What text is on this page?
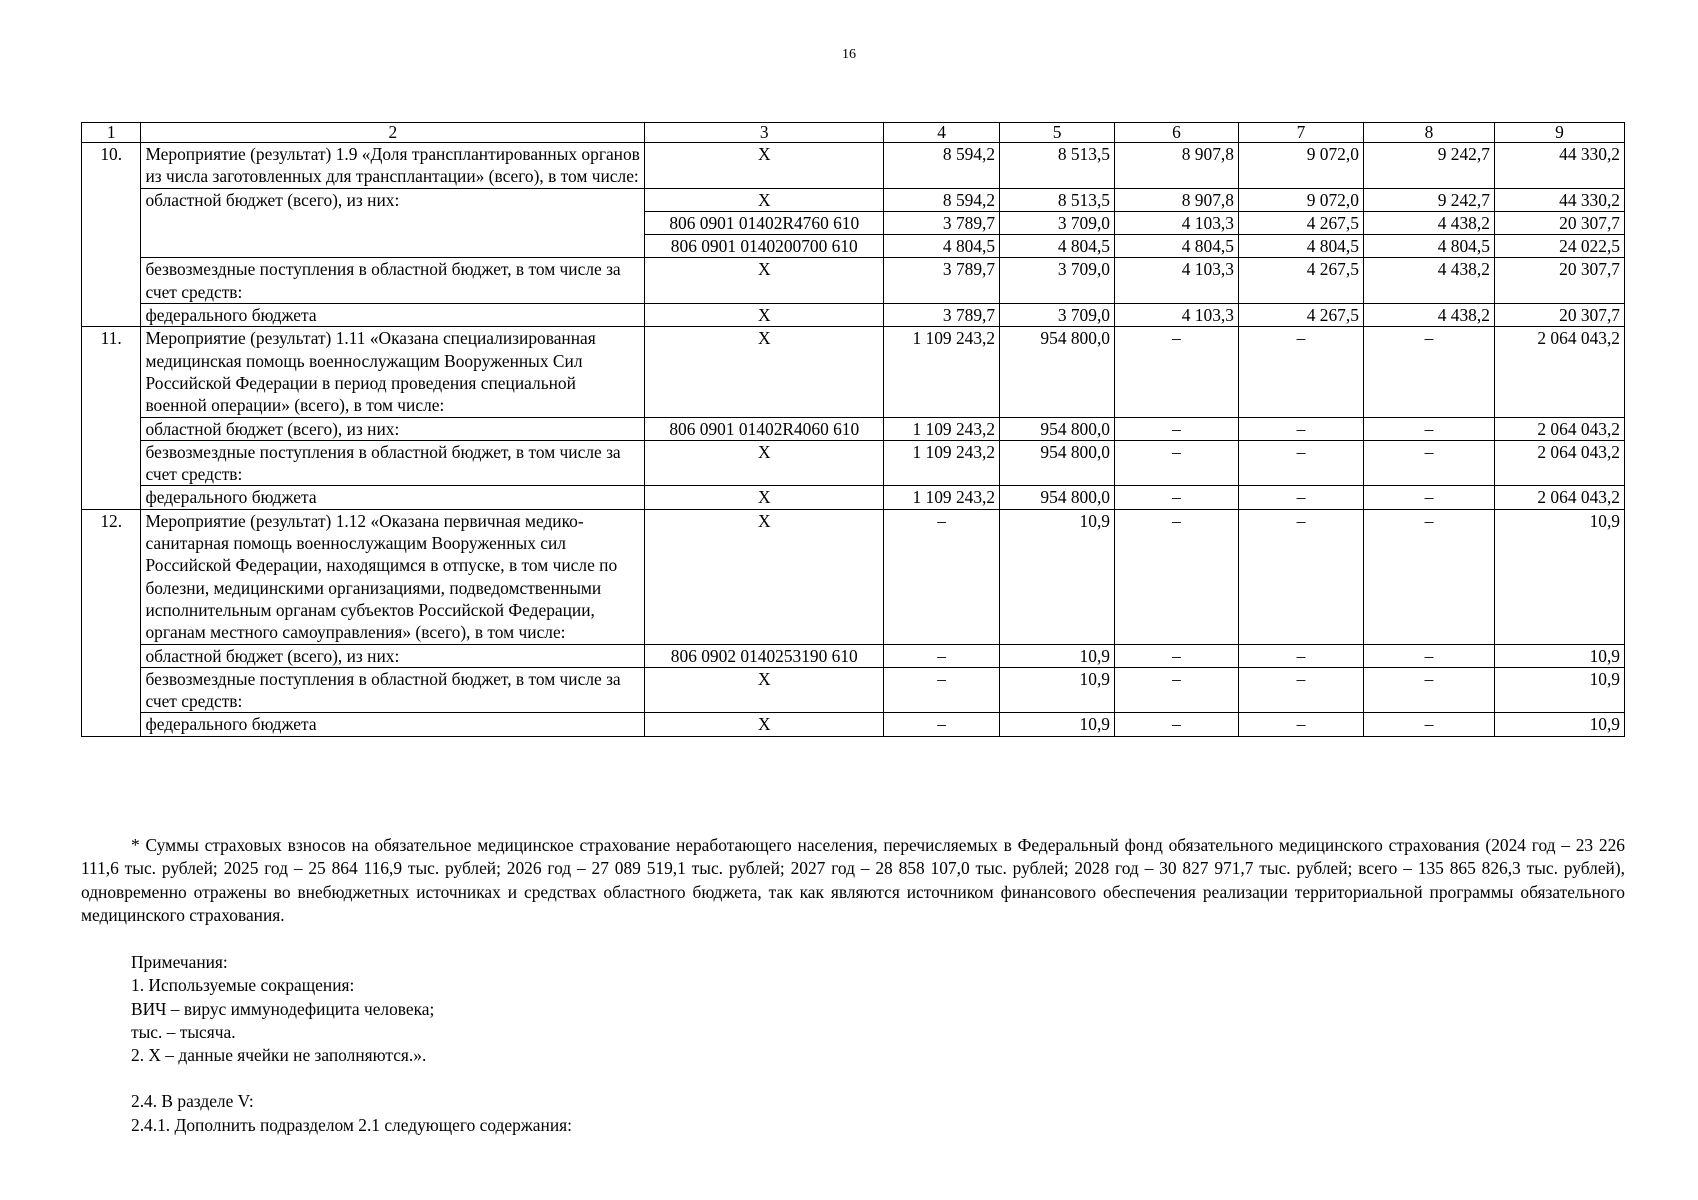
16
1	2	3	4	5	6	7	8	9
10.	Мероприятие (результат) 1.9 «Доля трансплантированных органов из числа заготовленных для трансплантации» (всего), в том числе:	Х	8 594,2	8 513,5	8 907,8	9 072,0	9 242,7	44 330,2
	областной бюджет (всего), из них:	Х	8 594,2	8 513,5	8 907,8	9 072,0	9 242,7	44 330,2
		806 0901 01402R4760 610	3 789,7	3 709,0	4 103,3	4 267,5	4 438,2	20 307,7
		806 0901 0140200700 610	4 804,5	4 804,5	4 804,5	4 804,5	4 804,5	24 022,5
	безвозмездные поступления в областной бюджет, в том числе за счет средств:	Х	3 789,7	3 709,0	4 103,3	4 267,5	4 438,2	20 307,7
	федерального бюджета	Х	3 789,7	3 709,0	4 103,3	4 267,5	4 438,2	20 307,7
11.	Мероприятие (результат) 1.11 «Оказана специализированная медицинская помощь военнослужащим Вооруженных Сил Российской Федерации в период проведения специальной военной операции» (всего), в том числе:	Х	1 109 243,2	954 800,0	–	–	–	2 064 043,2
	областной бюджет (всего), из них:	806 0901 01402R4060 610	1 109 243,2	954 800,0	–	–	–	2 064 043,2
	безвозмездные поступления в областной бюджет, в том числе за счет средств:	Х	1 109 243,2	954 800,0	–	–	–	2 064 043,2
	федерального бюджета	Х	1 109 243,2	954 800,0	–	–	–	2 064 043,2
12.	Мероприятие (результат) 1.12 «Оказана первичная медико-санитарная помощь военнослужащим Вооруженных сил Российской Федерации, находящимся в отпуске, в том числе по болезни, медицинскими организациями, подведомственными исполнительным органам субъектов Российской Федерации, органам местного самоуправления» (всего), в том числе:	Х	–	10,9	–	–	–	10,9
	областной бюджет (всего), из них:	806 0902 0140253190 610	–	10,9	–	–	–	10,9
	безвозмездные поступления в областной бюджет, в том числе за счет средств:	Х	–	10,9	–	–	–	10,9
	федерального бюджета	Х	–	10,9	–	–	–	10,9

* Суммы страховых взносов на обязательное медицинское страхование неработающего населения, перечисляемых в Федеральный фонд обязательного медицинского страхования (2024 год – 23 226 111,6 тыс. рублей; 2025 год – 25 864 116,9 тыс. рублей; 2026 год – 27 089 519,1 тыс. рублей; 2027 год – 28 858 107,0 тыс. рублей; 2028 год – 30 827 971,7 тыс. рублей; всего – 135 865 826,3 тыс. рублей), одновременно отражены во внебюджетных источниках и средствах областного бюджета, так как являются источником финансового обеспечения реализации территориальной программы обязательного медицинского страхования.

Примечания:
1. Используемые сокращения:
ВИЧ – вирус иммунодефицита человека;
тыс. – тысяча.
2. Х – данные ячейки не заполняются.».
2.4. В разделе V:
2.4.1. Дополнить подразделом 2.1 следующего содержания:
